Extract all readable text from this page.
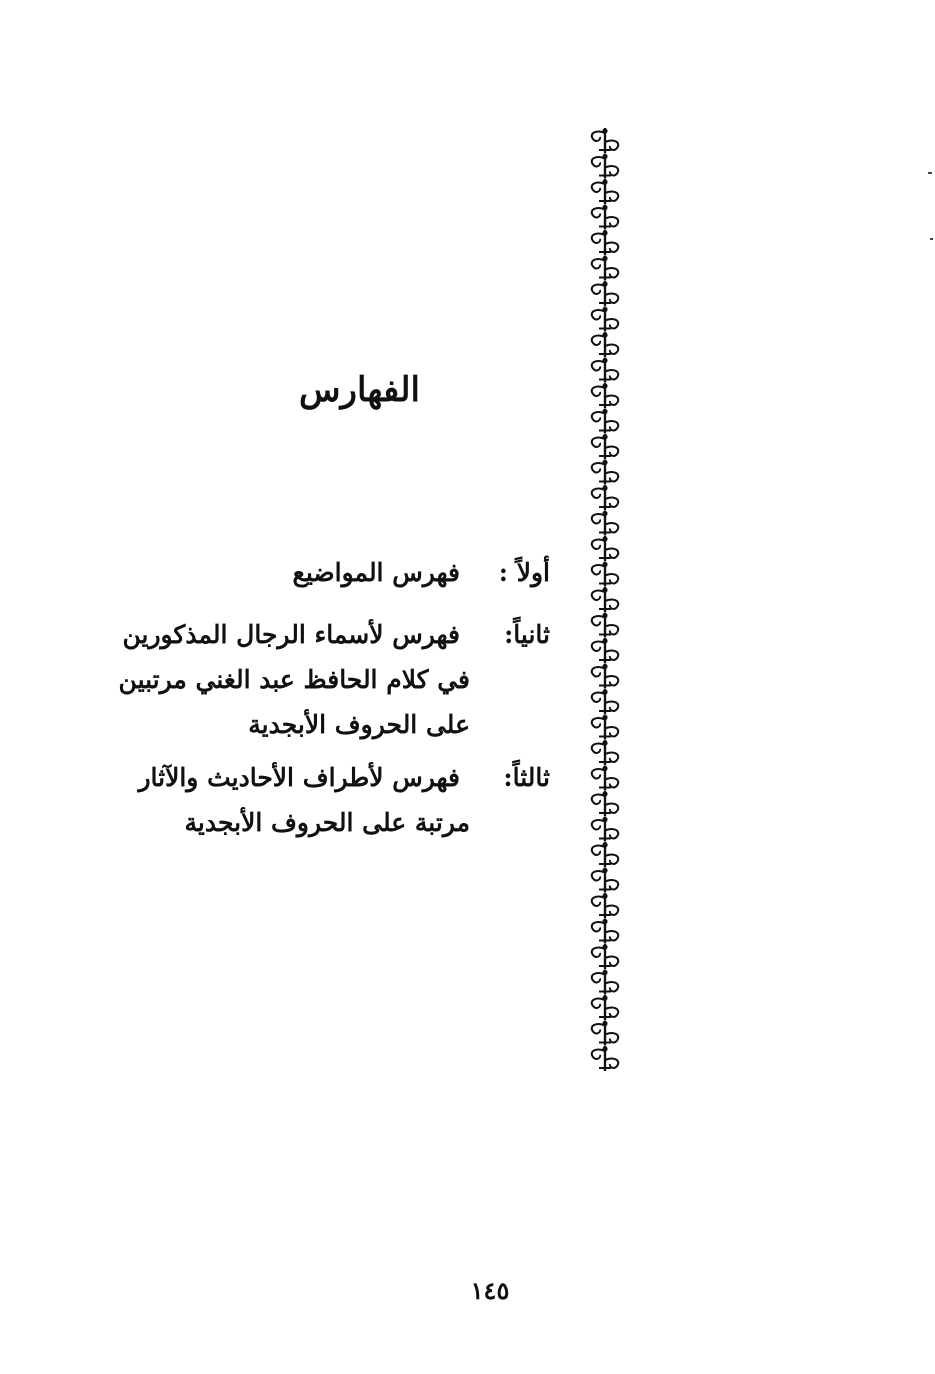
الفهارس
أولاً :فهرس المواضيع
ثانياً:فهرس لأسماء الرجال المذكورين
في كلام الحافظ عبد الغني مرتبين
على الحروف الأبجدية
ثالثاً:فهرس لأطراف الأحاديث والآثار
مرتبة على الحروف الأبجدية
١٤٥
